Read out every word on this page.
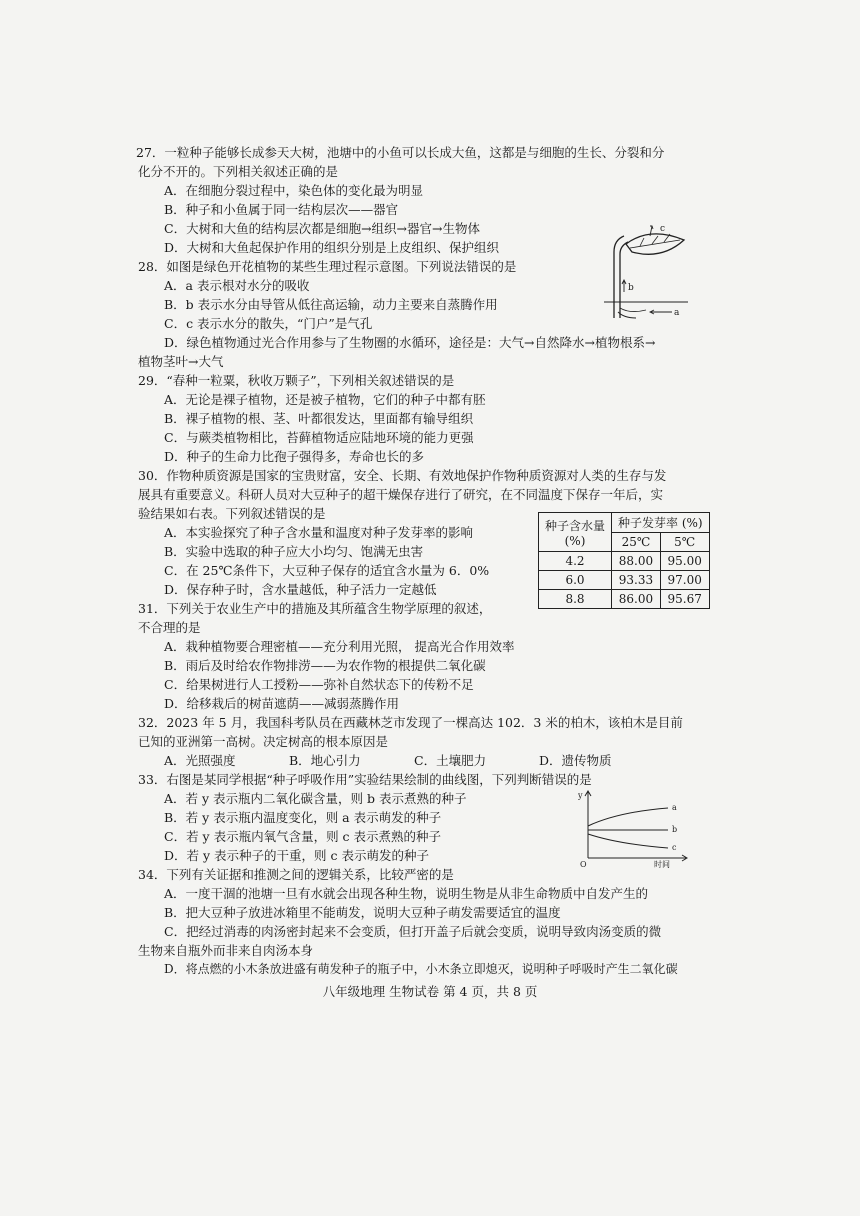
27．一粒种子能够长成参天大树，池塘中的小鱼可以长成大鱼，这都是与细胞的生长、分裂和分

化分不开的。下列相关叙述正确的是

A．在细胞分裂过程中，染色体的变化最为明显

B．种子和小鱼属于同一结构层次——器官

C．大树和大鱼的结构层次都是细胞→组织→器官→生物体

D．大树和大鱼起保护作用的组织分别是上皮组织、保护组织

28．如图是绿色开花植物的某些生理过程示意图。下列说法错误的是

A．a 表示根对水分的吸收

B．b 表示水分由导管从低往高运输，动力主要来自蒸腾作用

C．c 表示水分的散失，“门户”是气孔

D．绿色植物通过光合作用参与了生物圈的水循环，途径是：大气→自然降水→植物根系→

植物茎叶→大气

c
b
a

29．“春种一粒粟，秋收万颗子”，下列相关叙述错误的是

A．无论是裸子植物，还是被子植物，它们的种子中都有胚

B．裸子植物的根、茎、叶都很发达，里面都有输导组织

C．与蕨类植物相比，苔藓植物适应陆地环境的能力更强

D．种子的生命力比孢子强得多，寿命也长的多

30．作物种质资源是国家的宝贵财富，安全、长期、有效地保护作物种质资源对人类的生存与发

展具有重要意义。科研人员对大豆种子的超干燥保存进行了研究，在不同温度下保存一年后，实

验结果如右表。下列叙述错误的是

A．本实验探究了种子含水量和温度对种子发芽率的影响

B．实验中选取的种子应大小均匀、饱满无虫害

C．在 25℃条件下，大豆种子保存的适宜含水量为 6．0%

D．保存种子时，含水量越低，种子活力一定越低

种子含水量
(%)	种子发芽率 (%)	
	25℃	5℃
4.2	88.00	95.00
6.0	93.33	97.00
8.8	86.00	95.67

31．下列关于农业生产中的措施及其所蕴含生物学原理的叙述，

不合理的是

A．栽种植物要合理密植——充分利用光照， 提高光合作用效率

B．雨后及时给农作物排涝——为农作物的根提供二氧化碳

C．给果树进行人工授粉——弥补自然状态下的传粉不足

D．给移栽后的树苗遮荫——减弱蒸腾作用

32．2023 年 5 月，我国科考队员在西藏林芝市发现了一棵高达 102．3 米的柏木，该柏木是目前

已知的亚洲第一高树。决定树高的根本原因是

A．光照强度	B．地心引力	C．土壤肥力	D．遗传物质

33．右图是某同学根据“种子呼吸作用”实验结果绘制的曲线图，下列判断错误的是

A．若 y 表示瓶内二氧化碳含量，则 b 表示煮熟的种子

B．若 y 表示瓶内温度变化，则 a 表示萌发的种子

C．若 y 表示瓶内氧气含量，则 c 表示煮熟的种子

D．若 y 表示种子的干重，则 c 表示萌发的种子

y
O	时间
a
b
c

34．下列有关证据和推测之间的逻辑关系，比较严密的是

A．一度干涸的池塘一旦有水就会出现各种生物，说明生物是从非生命物质中自发产生的

B．把大豆种子放进冰箱里不能萌发，说明大豆种子萌发需要适宜的温度

C．把经过消毒的肉汤密封起来不会变质，但打开盖子后就会变质，说明导致肉汤变质的微

生物来自瓶外而非来自肉汤本身

D．将点燃的小木条放进盛有萌发种子的瓶子中，小木条立即熄灭，说明种子呼吸时产生二氧化碳

八年级地理 生物试卷 第 4 页，共 8 页
